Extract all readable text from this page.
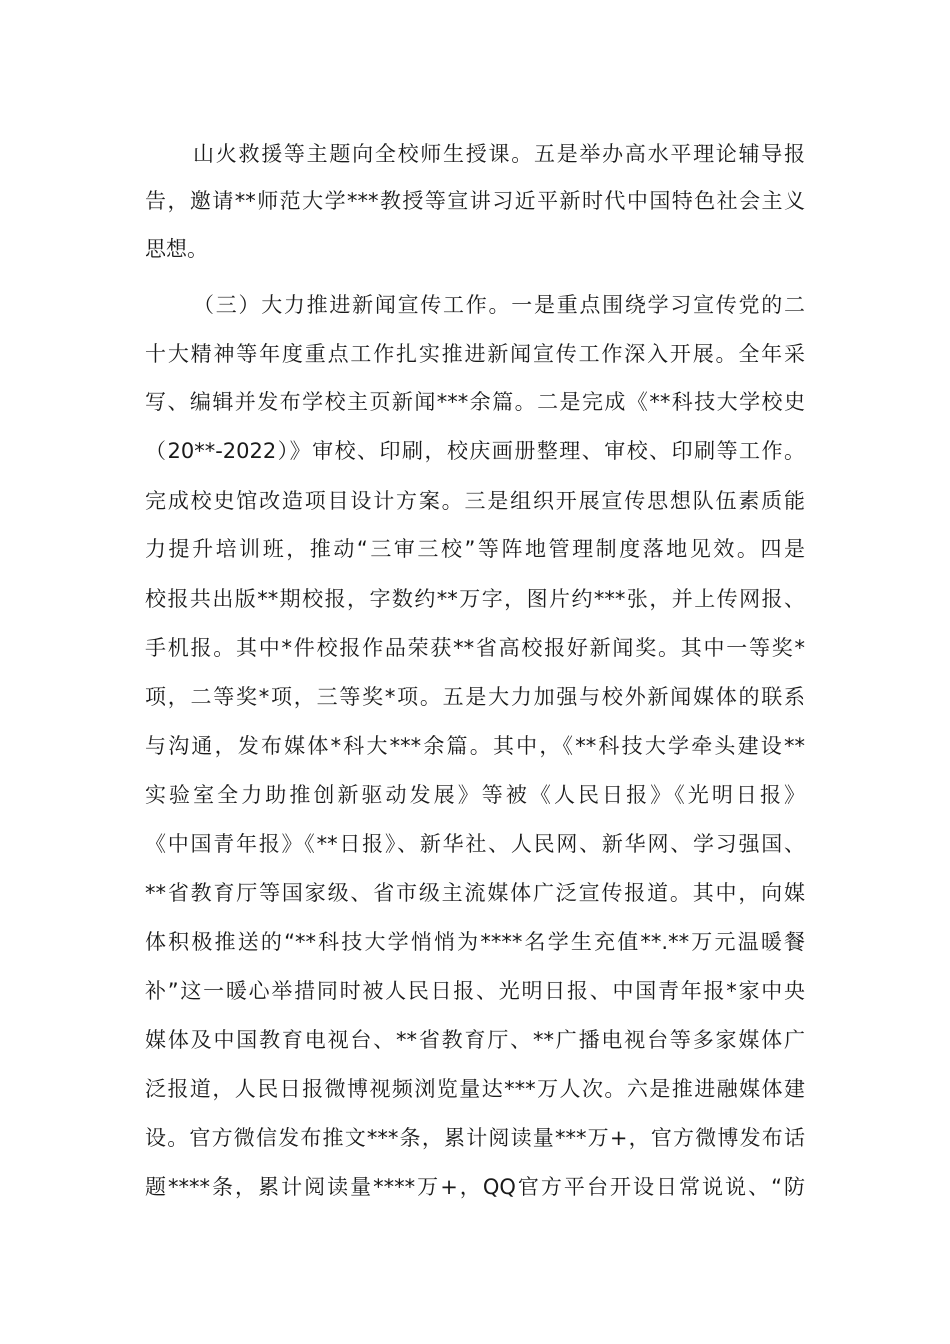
山火救援等主题向全校师生授课。五是举办高水平理论辅导报
告，邀请**师范大学***教授等宣讲习近平新时代中国特色社会主义
思想。
（三）大力推进新闻宣传工作。一是重点围绕学习宣传党的二
十大精神等年度重点工作扎实推进新闻宣传工作深入开展。全年采
写、编辑并发布学校主页新闻***余篇。二是完成《**科技大学校史
（20**-2022）》审校、印刷，校庆画册整理、审校、印刷等工作。
完成校史馆改造项目设计方案。三是组织开展宣传思想队伍素质能
力提升培训班，推动“三审三校”等阵地管理制度落地见效。四是
校报共出版**期校报，字数约**万字，图片约***张，并上传网报、
手机报。其中*件校报作品荣获**省高校报好新闻奖。其中一等奖*
项，二等奖*项，三等奖*项。五是大力加强与校外新闻媒体的联系
与沟通，发布媒体*科大***余篇。其中，《**科技大学牵头建设**
实验室全力助推创新驱动发展》等被《人民日报》《光明日报》
《中国青年报》《**日报》、新华社、人民网、新华网、学习强国、
**省教育厅等国家级、省市级主流媒体广泛宣传报道。其中，向媒
体积极推送的“**科技大学悄悄为****名学生充值**.**万元温暖餐
补”这一暖心举措同时被人民日报、光明日报、中国青年报*家中央
媒体及中国教育电视台、**省教育厅、**广播电视台等多家媒体广
泛报道，人民日报微博视频浏览量达***万人次。六是推进融媒体建
设。官方微信发布推文***条，累计阅读量***万+，官方微博发布话
题****条，累计阅读量****万+，QQ官方平台开设日常说说、“防
